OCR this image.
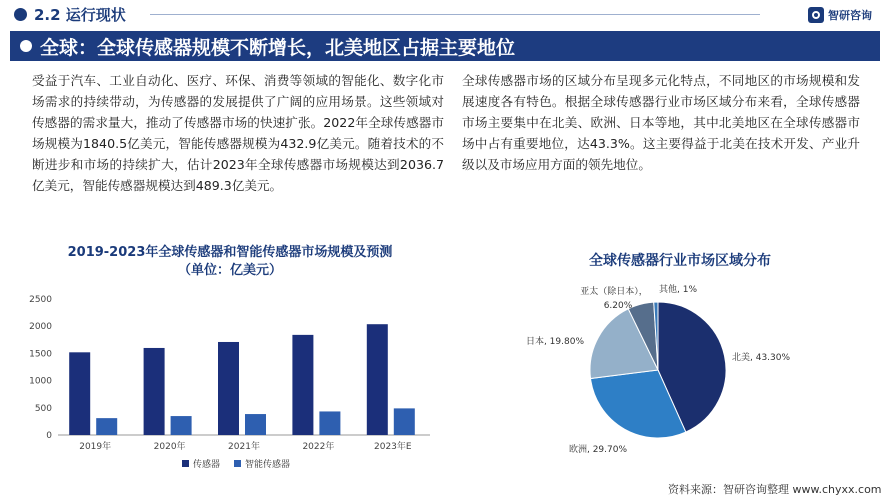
2.2 运行现状	智研咨询
全球：全球传感器规模不断增长，北美地区占据主要地位

受益于汽车、工业自动化、医疗、环保、消费等领域的智能化、数字化市场需求的持续带动，为传感器的发展提供了广阔的应用场景。这些领域对传感器的需求量大，推动了传感器市场的快速扩张。2022年全球传感器市场规模为1840.5亿美元，智能传感器规模为432.9亿美元。随着技术的不断进步和市场的持续扩大，估计2023年全球传感器市场规模达到2036.7亿美元，智能传感器规模达到489.3亿美元。

全球传感器市场的区域分布呈现多元化特点，不同地区的市场规模和发展速度各有特色。根据全球传感器行业市场区域分布来看，全球传感器市场主要集中在北美、欧洲、日本等地，其中北美地区在全球传感器市场中占有重要地位，达43.3%。这主要得益于北美在技术开发、产业升级以及市场应用方面的领先地位。

2019-2023年全球传感器和智能传感器市场规模及预测（单位：亿美元）
0
500
1000
1500
2000
2500
2019年	2020年	2021年	2022年	2023年E
传感器	智能传感器
全球传感器行业市场区域分布
北美, 43.30%
欧洲, 29.70%
日本, 19.80%
亚太（除日本），
6.20%
其他, 1%
资料来源：智研咨询整理 www.chyxx.com
